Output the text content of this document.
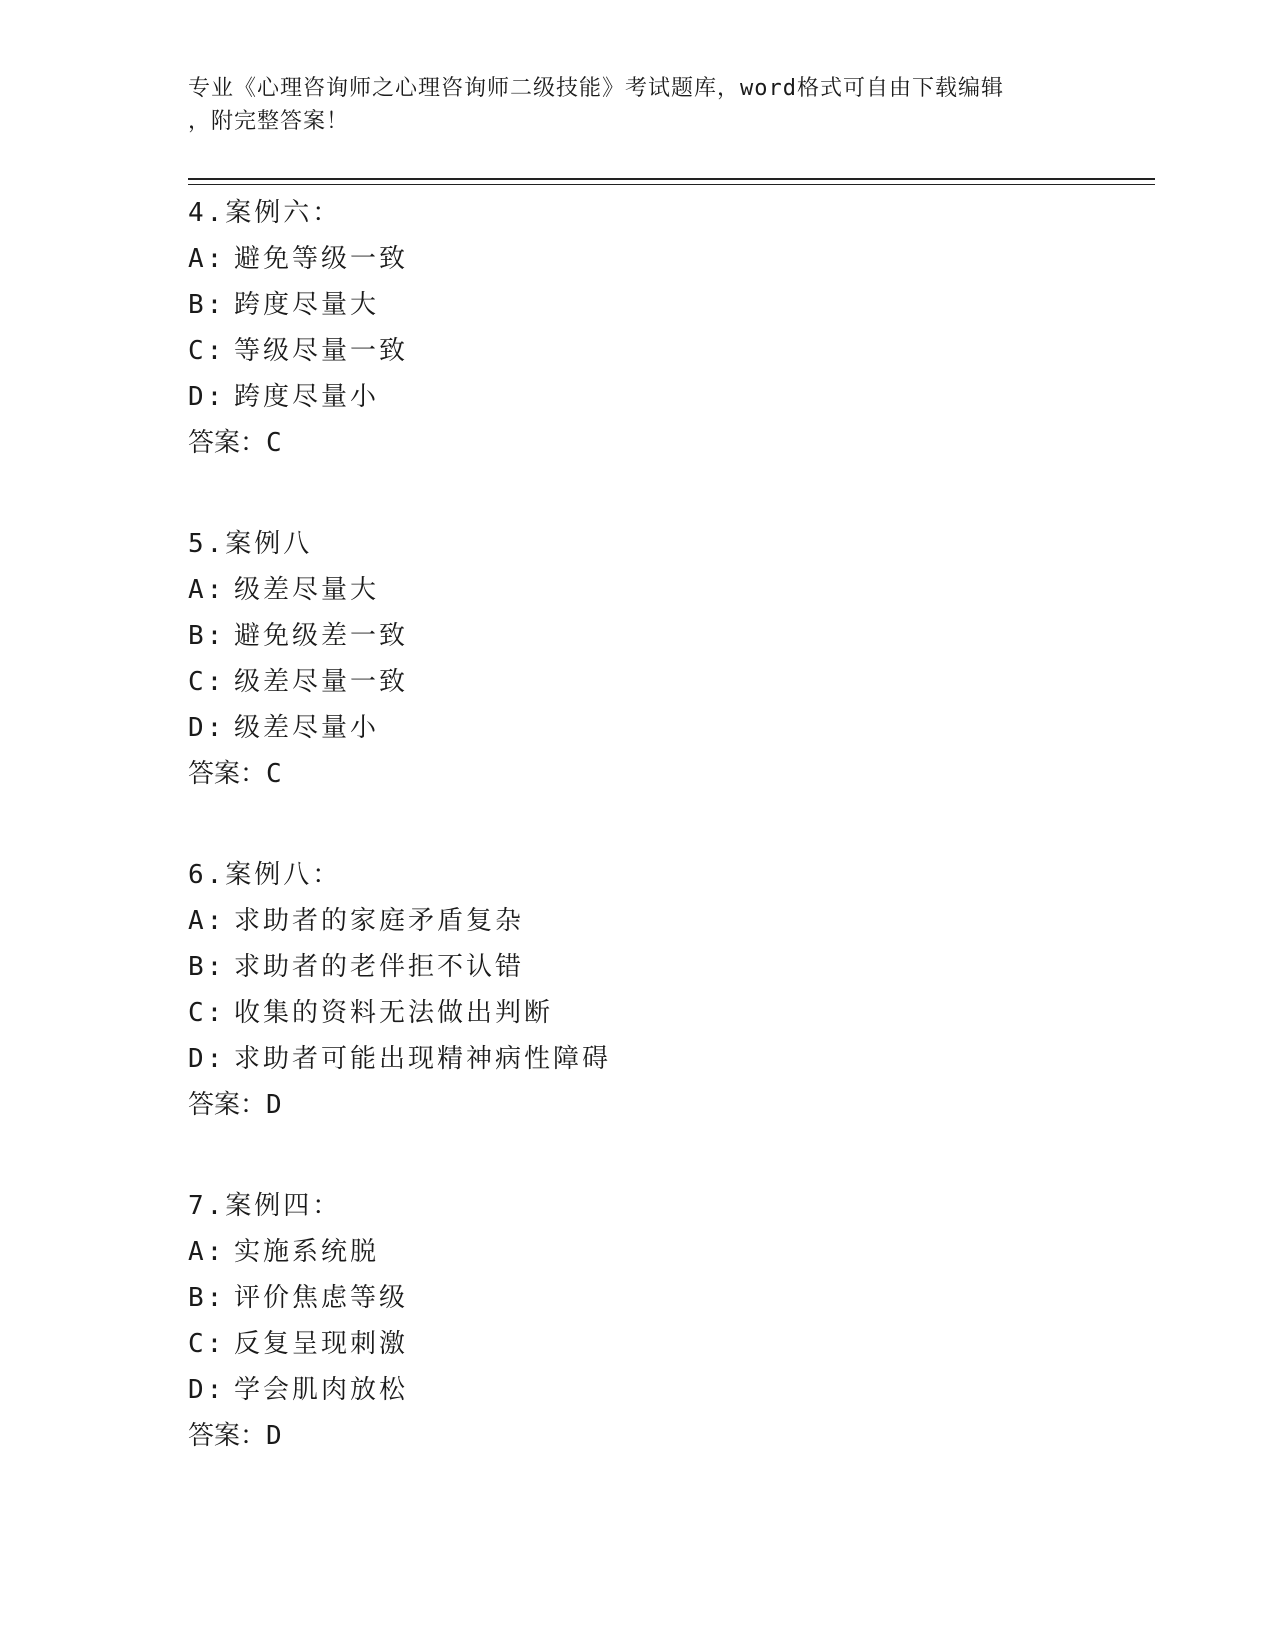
专业《心理咨询师之心理咨询师二级技能》考试题库，word格式可自由下载编辑
，附完整答案！
4.案例六：
A: 避免等级一致
B: 跨度尽量大
C: 等级尽量一致
D: 跨度尽量小
答案：C
5.案例八
A: 级差尽量大
B: 避免级差一致
C: 级差尽量一致
D: 级差尽量小
答案：C
6.案例八：
A: 求助者的家庭矛盾复杂
B: 求助者的老伴拒不认错
C: 收集的资料无法做出判断
D: 求助者可能出现精神病性障碍
答案：D
7.案例四：
A: 实施系统脱
B: 评价焦虑等级
C: 反复呈现刺激
D: 学会肌肉放松
答案：D
